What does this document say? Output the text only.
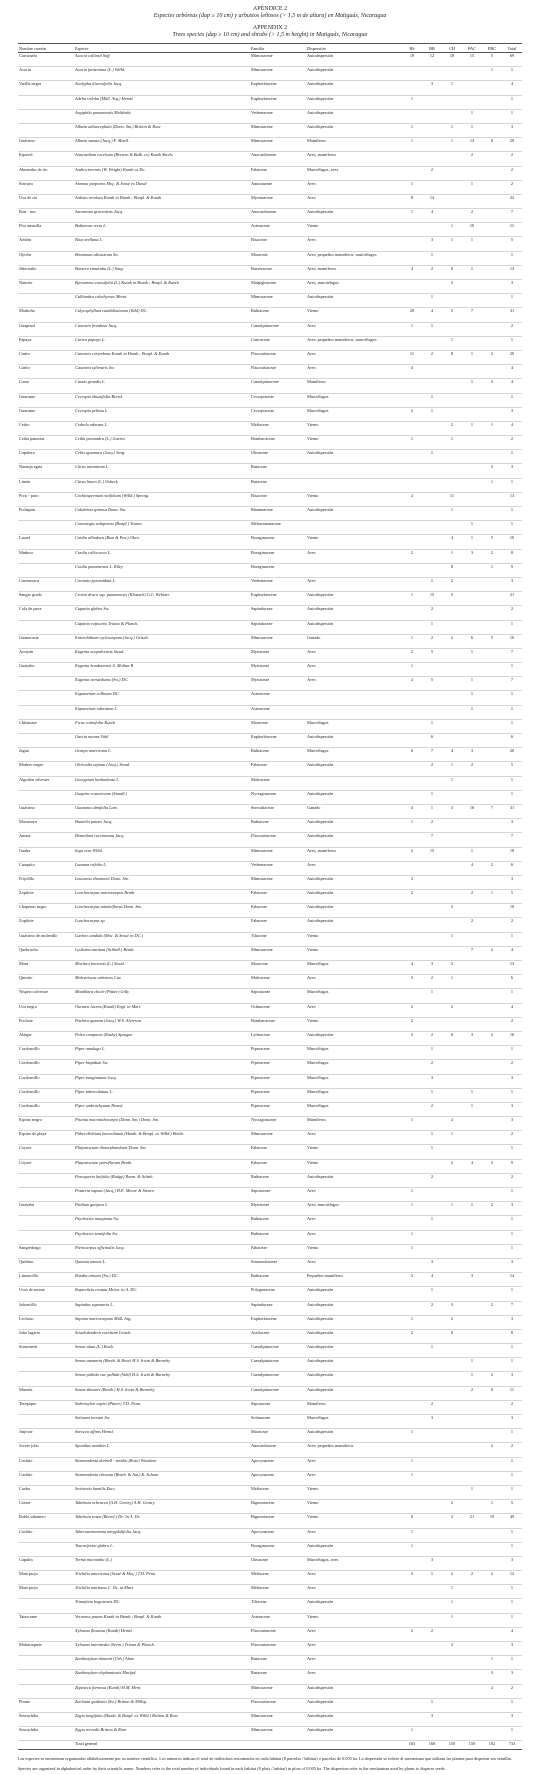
APÉNDICE 2
Especies arbóreas (dap ≥ 10 cm) y arbustos leñosos (> 1,5 m de altura) en Matiguás, Nicaragua
APPENDIX 2
Trees species (dap ≥ 10 cm) and shrubs (> 1,5 m height) in Matiguás, Nicaragua
Nombre común	Especie	Familia	Dispersión	BS	BR	CH	PAC	PBC	Total
Carrizaelo	Acacia collinsii Saff.	Mimosaceae	Autodispersión	19	12	18	15	5	69
Acacia	Acacia farnesiana (L.) Willd.	Mimosaceae	Autodispersión					1	1
Varilla negra	Acalypha diversifolia Jacq.	Euphorbiaceae	Autodispersión		3	1			4
	Adelia triloba (Müll. Arg.) Hemsl.	Euphorbiaceae	Autodispersión	1					1
	Aegiphila panamensis Moldenke	Verbenaceae	Autodispersión				1		1
	Albizia adinocephala (Donn. Sm.) Britton & Rose	Mimosaceae	Autodispersión	1		1	1		3
Guácimo	Albizia saman (Jacq.) F. Muell.	Mimosaceae	Mamíferos	1		1	13	6	20
Espavel	Anacardium excelsum (Bertero & Balb. ex) Kunth Skeels	Anacardiaceae	Aves, mamíferos				2		2
Almendro de río	Andira inermis (W. Wright) Kunth ex Dc.	Fabaceae	Murciélagos, aves		2				2
Sincuya	Annona purpurea Moç. & Sessé ex Dunal	Annonaceae	Aves	1			1		2
Uva de río	Ardisia revoluta Kunth in Humb.; Bonpl. & Kunth	Myrsinaceae	Aves	8	14				22
Ron - ron	Astronium graveolens Jacq.	Anacardiaceae	Autodispersión	1	4		2		7
Flor amarilla	Baltimora recta L.	Asteraceae	Viento			1	10		11
Arbión	Bixa orellana L.	Bixaceae	Aves		3	1	1		5
Ojoche	Brosimum alicastrum Sw.	Moraceae	Aves, pequeños mamíferos, murciélagos		1				1
Jiñocuabo	Bursera simaruba (L.) Sarg.	Burseraceae	Aves, mamíferos	4	2	6	1		13
Nancite	Byrsonima crassifolia (L.) Kunth in Humb.; Bonpl. & Kunth	Malpighiaceae	Aves, murciélagos			3			3
	Calliandra calothyrsus Meisn.	Mimosaceae	Autodispersión		1				1
Madroño	Calycophyllum candidissimum (Vahl) DC.	Rubiaceae	Viento	20	4	5	7		31
Guapinol	Casearia frondosa Jacq.	Caesalpiniaceae	Aves	1	1				2
Papaya	Carica papaya L.	Caricaceae	Aves, pequeños mamíferos, murciélagos			1			1
Carito	Casearia corymbosa Kunth in Humb.; Bonpl. & Kunth	Flacourtiaceae	Aves	11	2	8	1	2	20
Carito	Casearia sylvestris Sw.	Flacourtiaceae	Aves	4					4
Carao	Cassia grandis L.	Caesalpiniaceae	Mamíferos				1	3	4
Guarumo	Cecropia obtusifolia Bertol.	Cecropiaceae	Murciélagos		1				1
Guarumo	Cecropia peltata L.	Cecropiaceae	Murciélagos	2	1				3
Cedro	Cedrela odorata L.	Meliaceae	Viento			2	1	1	4
Ceiba panzona	Ceiba pentandra (L.) Gaertn.	Bombacaceae	Viento	1		1			2
Capulera	Celtis iguanaea (Jacq.) Sarg.	Ulmaceae	Autodispersión		1				1
Naranja agria	Citrus aurantium L.	Rutaceae						3	3
Limón	Citrus limon (L.) Osbeck	Rutaceae						1	1
Poro - poro	Cochlospermum vitifolium (Willd.) Spreng.	Bixaceae	Viento	2		11			13
Pichapón	Colubrina spinosa Donn. Sm.	Rhamnaceae	Autodispersión			1			1
	Conostegia xalapensis (Bonpl.) Triana	Melastomataceae					1		1
Laurel	Cordia alliodora (Ruiz & Pav.) Oken	Boraginaceae	Viento			4	1	5	10
Muñeco	Cordia collococca L.	Boraginaceae	Aves	2		1	3	2	8
	Cordia panamensis L. Riley	Boraginaceae				8		1	9
Cuernavaca	Cornutia pyramidata L.	Verbenaceae	Aves		1	2			3
Sangre grado	Croton draco ssp. panamensis (Klotzsch) G.L. Webster	Euphorbiaceae	Autodispersión	1	15	5			21
Cola de pava	Cupania glabra Sw.	Sapindaceae	Autodispersión		2				2
	Cupania rufescens Triana & Planch.	Sapindaceae	Autodispersión		1				1
Guanacaste	Enterolobium cyclocarpum (Jacq.) Griseb.	Mimosaceae	Ganado	1	2	2	6	5	16
Arrayán	Eugenia acapulcensis Steud.	Myrtaceae	Aves	2	5		1		7
Guayabo	Eugenia hondurensis A. Molina R.	Myrtaceae	Aves	1					1
	Eugenia oerstediana (Sw.) DC.	Myrtaceae	Aves	2	5		1		7
	Eupatorium collinum DC.	Asteraceae					1		1
	Eupatorium odoratum L.	Asteraceae					1		1
Chilamate	Ficus cotinifolia Kunth	Moraceae	Murciélagos		1				1
	Garcia nutans Vahl	Euphorbiaceae	Autodispersión		6				6
Jagua	Genipa americana L.	Rubiaceae	Murciélagos	6	7	4	3		20
Madero negro	Gliricidia sepium (Jacq.) Steud.	Fabaceae	Autodispersión		2	1	2		5
Algodón silvestre	Gossypium barbadense L.	Malvaceae				1			1
	Guapira costaricana (Standl.)	Nyctaginaceae	Autodispersión		1				1
Guácimo	Guazuma ulmifolia Lam.	Sterculiaceae	Ganado	4	1	3	16	7	31
Macanoya	Hamelia patens Jacq.	Rubiaceae	Autodispersión	1	2				3
Anona	Homalium racemosum Jacq.	Flacourtiaceae	Autodispersión		7				7
Guaba	Inga vera Willd.	Mimosaceae	Aves, mamíferos	2	15		1		18
Cuaquito	Lantana trifolia L.	Verbenaceae	Aves				4	2	6
Frijolillo	Leucaena shannonii Donn. Sm.	Mimosaceae	Autodispersión	3					3
Zopilote	Lonchocarpus macrocarpus Benth.	Fabaceae	Autodispersión	2			2	1	5
Chaperno negro	Lonchocarpus minimiflorus Donn. Sm.	Fabaceae	Autodispersión			3			10
Zopilote	Lonchocarpus sp.	Fabaceae	Autodispersión				2		2
Guácimo de molenillo	Luehea candida (Moc. & Sessé ex DC.)	Tiliaceae	Viento			1			1
Quebracho	Lysiloma auritum (Schltdl.) Benth.	Mimosaceae	Viento				7	2	4
Mora	Maclura tinctoria (L.) Steud.	Moraceae	Murciélagos	4	3	3			13
Quesito	Malvaviscus arboreus Cav.	Malvaceae	Aves	3	2	1			6
Níspero silvestre	Manilkara chicle (Pittier) Gilly	Sapotaceae	Murciélagos		1				1
Uva negra	Ouratea lucens (Kunth) Engl. in Mart.	Ochnaceae	Aves	2		2			4
Pochote	Pachira quinata (Jacq.) W.S. Alverson	Bombacaceae	Viento	2					2
Aldapa	Pelea compacta (Rusby) Sprague	Lythraceae	Autodispersión	3	2	6	3	2	16
Cordoncillo	Piper amalago L.	Piperaceae	Murciélagos		1				1
Cordoncillo	Piper hispidum Sw.	Piperaceae	Murciélagos		2				2
Cordoncillo	Piper marginatum Jacq.	Piperaceae	Murciélagos		3				3
Cordoncillo	Piper tuberculatum L.	Piperaceae	Murciélagos		1		1		1
Cordoncillo	Piper umbrachynum Hemsl.	Piperaceae	Murciélagos		2		1		3
Espino negro	Pisonia macranthocarpa (Donn. Sm.) Donn. Sm.	Nyctaginaceae	Mamíferos	1		2			3
Espino de playa	Pithecellobium lanceolatum (Humb. & Bonpl. ex Willd.) Benth.	Mimosaceae	Aves		1	1			2
Coyote	Platymiscium dimorphandrum Donn. Sm.	Fabaceae	Viento		1				1
Coyote	Platymiscium parviflorum Benth.	Fabaceae	Viento			2	4	3	9
	Posoqueria latifolia (Rudge) Roem. & Schult.	Rubiaceae	Autodispersión		2				2
	Pouteria sapota (Jacq.) H.E. Moore & Stearn	Sapotaceae	Aves	1					1
Guayaba	Psidium guajava L.	Myrtaceae	Aves, murciélagos	1		1	1	2	3
	Psychotria marginata Sw.	Rubiaceae	Aves		1				1
	Psychotria tenuifolia Sw.	Rubiaceae	Aves	1					1
Sangredrago	Pterocarpus officinalis Jacq.	Fabaceae	Viento	1					1
Quiñina	Quassia amara L.	Simaroubaceae	Aves		3				3
Limoncillo	Randia armata (Sw.) DC.	Rubiaceae	Pequeños mamíferos	3	4		3		14
Uvas de monte	Ruprechtia costata Meisn. in A. DC.	Polygonaceae	Autodispersión		1				1
Jaboncillo	Sapindus saponaria L.	Sapindaceae	Autodispersión		2	3		2	7
Lechoso	Sapium macrocarpum Müll. Arg.	Euphorbiaceae	Autodispersión	1		2			3
Jobo lagarto	Sciadodendron excelsum Griseb.	Araliaceae	Autodispersión	2		6			8
Sonsonetti	Senna alata (L.) Roxb.	Caesalpiniaceae	Autodispersión		1				1
	Senna atomaria (Benth. & Rose) H.S. Irwin & Barneby	Caesalpiniaceae	Autodispersión				1		1
	Senna pallida var. pallida (Vahl) H.S. Irwin & Barneby	Caesalpiniaceae	Autodispersión				1	2	3
Muerda	Senna skinneri (Benth.) H.S. Irwin & Barneby	Caesalpiniaceae	Autodispersión				2	6	11
Terepique	Sideroxylon capiri (Pittier) T.D. Penn.	Sapotaceae	Mamíferos		2				2
	Solanum torvum Sw.	Solanaceae	Murciélagos		3				3
Jinjovar	Sorocea affinis Hemsl.	Moraceae	Autodispersión	1					1
Jocote jobo	Spondias mombin L.	Anacardiaceae	Aves, pequeños mamíferos					2	2
Cachito	Stemmadenia donnell - smithii (Rose) Woodson	Apocynaceae	Aves	1					1
Cachito	Stemmadenia obovata (Benth. & Am.) K. Schum.	Apocynaceae	Aves	1					1
Caoba	Swietenia humilis Zucc.	Meliaceae	Viento				1		1
Cortez	Tabebuia ochracea (A.H. Gentry) A.H. Gentry	Bignoniaceae	Viento			2		1	5
Roble sabanero	Tabebuia rosea (Bertol.) Dc. In A. Dc.	Bignoniaceae	Viento	6		3	21	19	49
Cachito	Tabernaemontana amygdalifolia Jacq.	Apocynaceae	Aves	1					1
	Tournefortia glabra L.	Boraginaceae	Autodispersión	1					1
Capulín	Trema micrantha (L.)	Ulmaceae	Murciélagos, aves		3				3
Mata piojo	Trichilia americana (Sessé & Moç.) T.D. Penn.	Meliaceae	Aves	3	1	2	2	2	12
Mata piojo	Trichilia martiana C. Dc. in Mart.	Meliaceae	Aves			1			1
	Triumfetta bogotensis DC.	Tiliaceae	Autodispersión			1			1
Tatascame	Vernonia patens Kunth in Humb.; Bonpl. & Kunth	Asteraceae	Viento			1			1
	Xylosma flexuosa (Kunth) Hemsl.	Flacourtiaceae	Aves	2	2				4
Malarraquete	Xylosma intermedia (Seem.) Triana & Planch.	Flacourtiaceae	Aves			3			3
	Zanthoxylum ekmanii (Urb.) Alain	Rutaceae	Aves					1	1
	Zanthoxylum elephantiasis Macfad.	Rutaceae	Aves					3	3
	Zapoteca formosa (Kunth) H.M. Hern.	Mimosaceae	Autodispersión					2	2
Plomo	Zuelania guidonia (Sw.) Britton & Millsp.	Flacourtiaceae	Autodispersión		1				1
Sincuchiba	Zygia longifolia (Humb. & Bonpl. ex Willd.) Britton & Rose	Mimosaceae	Autodispersión		3				3
Sincuchiba	Zygia recordii Britton & Rose	Mimosaceae	Autodispersión	1					1
	Total general			163	168	150	150	102	733

Las especies se encuentran organizadas alfabéticamente por su nombre científico. Los números indican el total de individuos encontrados en cada hábitat (8 parcelas / hábitat) o parcelas de 0.005 ha. La dispersión se refiere al mecanismo que utilizan las plantas para dispersar sus semillas.

Species are organized in alphabetical order by their scientific name. Numbers refer to the total number of individuals found in each habitat (8 plots / habitat) in plots of 0.005 ha. The dispersion refer to the mechanism used by plants to disperse seeds.
